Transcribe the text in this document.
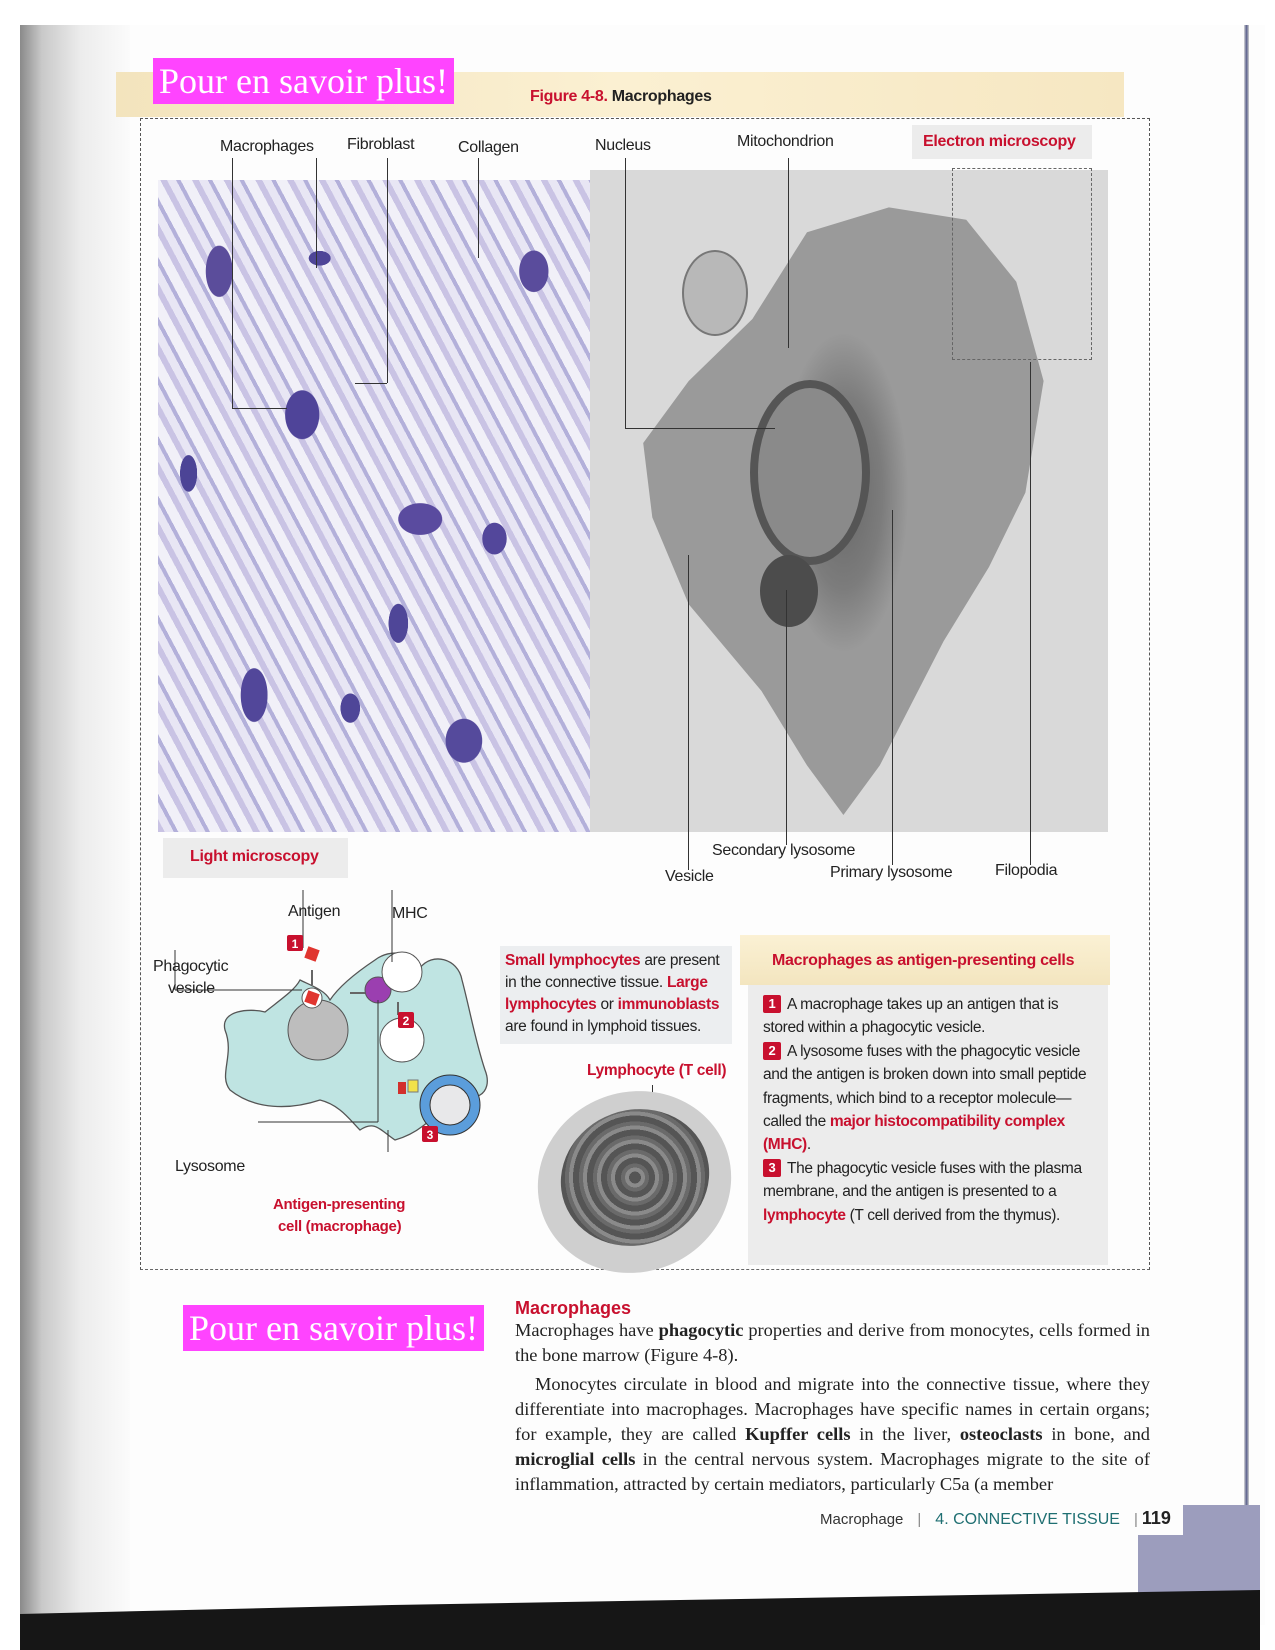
Pour en savoir plus!	Figure 4-8. Macrophages
Macrophages Fibroblast	Collagen	Nucleus	Mitochondrion	Electron microscopy
Light microscopy
Vesicle
Secondary lysosome
Primary lysosome	Filopodia
1
2
3
Antigen	MHC
Phagocytic
vesicle
Lysosome
Antigen-presenting
cell (macrophage)
Small lymphocytes are present in the connective tissue. Large lymphocytes or immunoblasts are found in lymphoid tissues.
Lymphocyte (T cell)
Macrophages as antigen-presenting cells
1 A macrophage takes up an antigen that is stored within a phagocytic vesicle.
2 A lysosome fuses with the phagocytic vesicle and the antigen is broken down into small peptide fragments, which bind to a receptor molecule—called the major histocompatibility complex (MHC).
3 The phagocytic vesicle fuses with the plasma membrane, and the antigen is presented to a lymphocyte (T cell derived from the thymus).
Pour en savoir plus!	Macrophages

Macrophages have phagocytic properties and derive from monocytes, cells formed in the bone marrow (Figure 4-8).

Monocytes circulate in blood and migrate into the connective tissue, where they differentiate into macrophages. Macrophages have specific names in certain organs; for example, they are called Kupffer cells in the liver, osteoclasts in bone, and microglial cells in the central nervous system. Macrophages migrate to the site of inflammation, attracted by certain mediators, particularly C5a (a member

Macrophage | 4. CONNECTIVE TISSUE | 119
